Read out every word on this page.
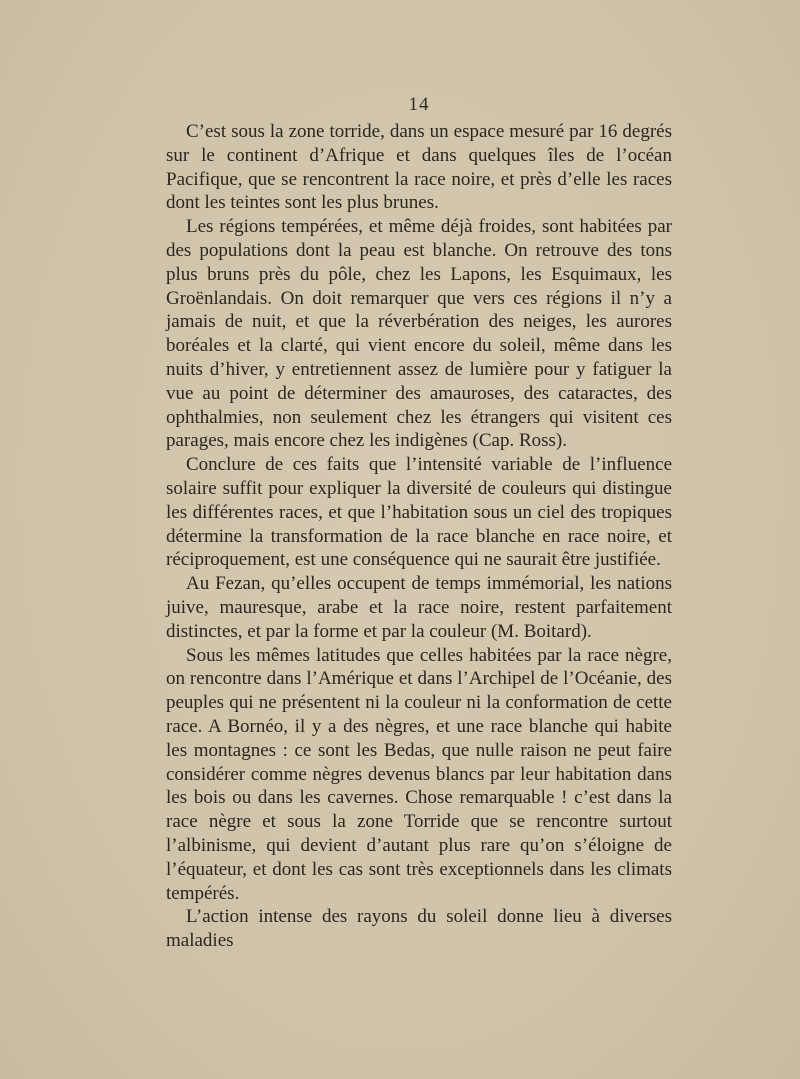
14

C’est sous la zone torride, dans un espace mesuré par 16 degrés sur le continent d’Afrique et dans quelques îles de l’océan Pacifique, que se rencontrent la race noire, et près d’elle les races dont les teintes sont les plus brunes.

Les régions tempérées, et même déjà froides, sont habitées par des populations dont la peau est blanche. On retrouve des tons plus bruns près du pôle, chez les Lapons, les Esquimaux, les Groënlandais. On doit remarquer que vers ces régions il n’y a jamais de nuit, et que la réverbération des neiges, les aurores boréales et la clarté, qui vient encore du soleil, même dans les nuits d’hiver, y entretiennent assez de lumière pour y fatiguer la vue au point de déterminer des amauroses, des cataractes, des ophthalmies, non seulement chez les étrangers qui visitent ces parages, mais encore chez les indigènes (Cap. Ross).

Conclure de ces faits que l’intensité variable de l’influence solaire suffit pour expliquer la diversité de couleurs qui distingue les différentes races, et que l’habitation sous un ciel des tropiques détermine la transformation de la race blanche en race noire, et réciproquement, est une conséquence qui ne saurait être justifiée.

Au Fezan, qu’elles occupent de temps immémorial, les nations juive, mauresque, arabe et la race noire, restent parfaitement distinctes, et par la forme et par la couleur (M. Boitard).

Sous les mêmes latitudes que celles habitées par la race nègre, on rencontre dans l’Amérique et dans l’Archipel de l’Océanie, des peuples qui ne présentent ni la couleur ni la conformation de cette race. A Bornéo, il y a des nègres, et une race blanche qui habite les montagnes : ce sont les Bedas, que nulle raison ne peut faire considérer comme nègres devenus blancs par leur habitation dans les bois ou dans les cavernes. Chose remarquable ! c’est dans la race nègre et sous la zone Torride que se rencontre surtout l’albinisme, qui devient d’autant plus rare qu’on s’éloigne de l’équateur, et dont les cas sont très exceptionnels dans les climats tempérés.

L’action intense des rayons du soleil donne lieu à diverses maladies
